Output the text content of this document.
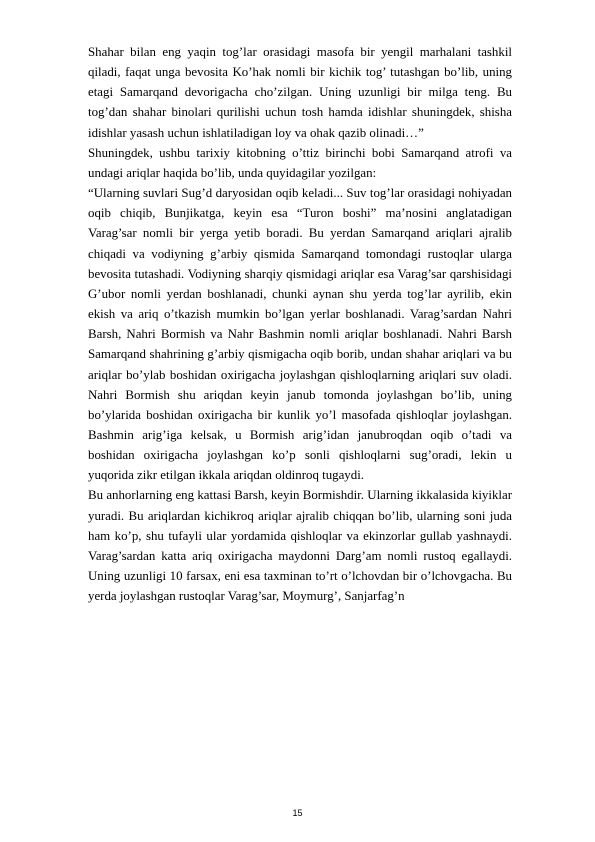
Shahar bilan eng yaqin tog’lar orasidagi masofa bir yengil marhalani tashkil qiladi, faqat unga bevosita Ko’hak nomli bir kichik tog’ tutashgan bo’lib, uning etagi Samarqand devorigacha cho’zilgan. Uning uzunligi bir milga teng. Bu tog’dan shahar binolari qurilishi uchun tosh hamda idishlar shuningdek, shisha idishlar yasash uchun ishlatiladigan loy va ohak qazib olinadi…”

Shuningdek, ushbu tarixiy kitobning o’ttiz birinchi bobi Samarqand atrofi va undagi ariqlar haqida bo’lib, unda quyidagilar yozilgan:

“Ularning suvlari Sug’d daryosidan oqib keladi... Suv tog’lar orasidagi nohiyadan oqib chiqib, Bunjikatga, keyin esa “Turon boshi” ma’nosini anglatadigan Varag’sar nomli bir yerga yetib boradi. Bu yerdan Samarqand ariqlari ajralib chiqadi va vodiyning g’arbiy qismida Samarqand tomondagi rustoqlar ularga bevosita tutashadi. Vodiyning sharqiy qismidagi ariqlar esa Varag’sar qarshisidagi G’ubor nomli yerdan boshlanadi, chunki aynan shu yerda tog’lar ayrilib, ekin ekish va ariq o’tkazish mumkin bo’lgan yerlar boshlanadi. Varag’sardan Nahri Barsh, Nahri Bormish va Nahr Bashmin nomli ariqlar boshlanadi. Nahri Barsh Samarqand shahrining g’arbiy qismigacha oqib borib, undan shahar ariqlari va bu ariqlar bo’ylab boshidan oxirigacha joylashgan qishloqlarning ariqlari suv oladi. Nahri Bormish shu ariqdan keyin janub tomonda joylashgan bo’lib, uning bo’ylarida boshidan oxirigacha bir kunlik yo’l masofada qishloqlar joylashgan. Bashmin arig’iga kelsak, u Bormish arig’idan janubroqdan oqib o’tadi va boshidan oxirigacha joylashgan ko’p sonli qishloqlarni sug’oradi, lekin u yuqorida zikr etilgan ikkala ariqdan oldinroq tugaydi.

Bu anhorlarning eng kattasi Barsh, keyin Bormishdir. Ularning ikkalasida kiyiklar yuradi. Bu ariqlardan kichikroq ariqlar ajralib chiqqan bo’lib, ularning soni juda ham ko’p, shu tufayli ular yordamida qishloqlar va ekinzorlar gullab yashnaydi. Varag’sardan katta ariq oxirigacha maydonni Darg’am nomli rustoq egallaydi. Uning uzunligi 10 farsax, eni esa taxminan to’rt o’lchovdan bir o’lchovgacha. Bu yerda joylashgan rustoqlar Varag’sar, Moymurg’, Sanjarfag’n

15
